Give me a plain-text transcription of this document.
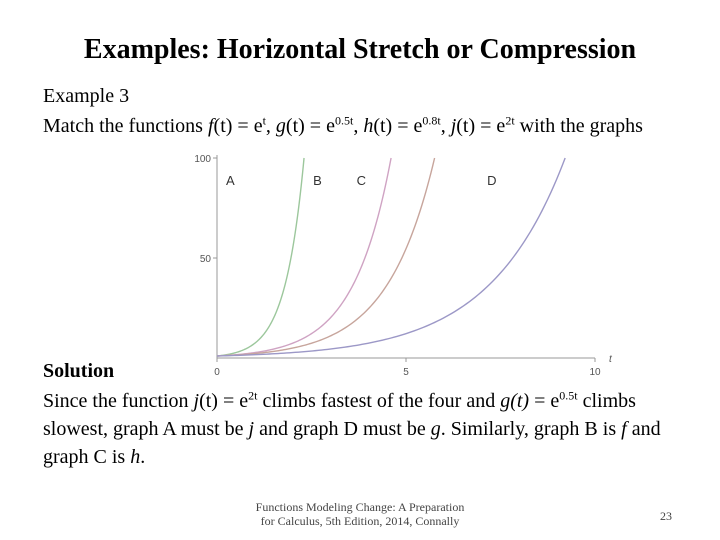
Examples: Horizontal Stretch or Compression
Example 3
Match the functions $f(t) = e^t$, $g(t) = e^{0.5t}$, $h(t) = e^{0.8t}$, $j(t) = e^{2t}$ with the graphs
0	5	10
50
100
t
A	B	C	D
Solution
Since the function $j(t) = e^{2t}$ climbs fastest of the four and $g(t) = e^{0.5t}$ climbs slowest, graph A must be j and graph D must be g. Similarly, graph B is f and graph C is h.
Functions Modeling Change: A Preparation
for Calculus, 5th Edition, 2014, Connally	23
